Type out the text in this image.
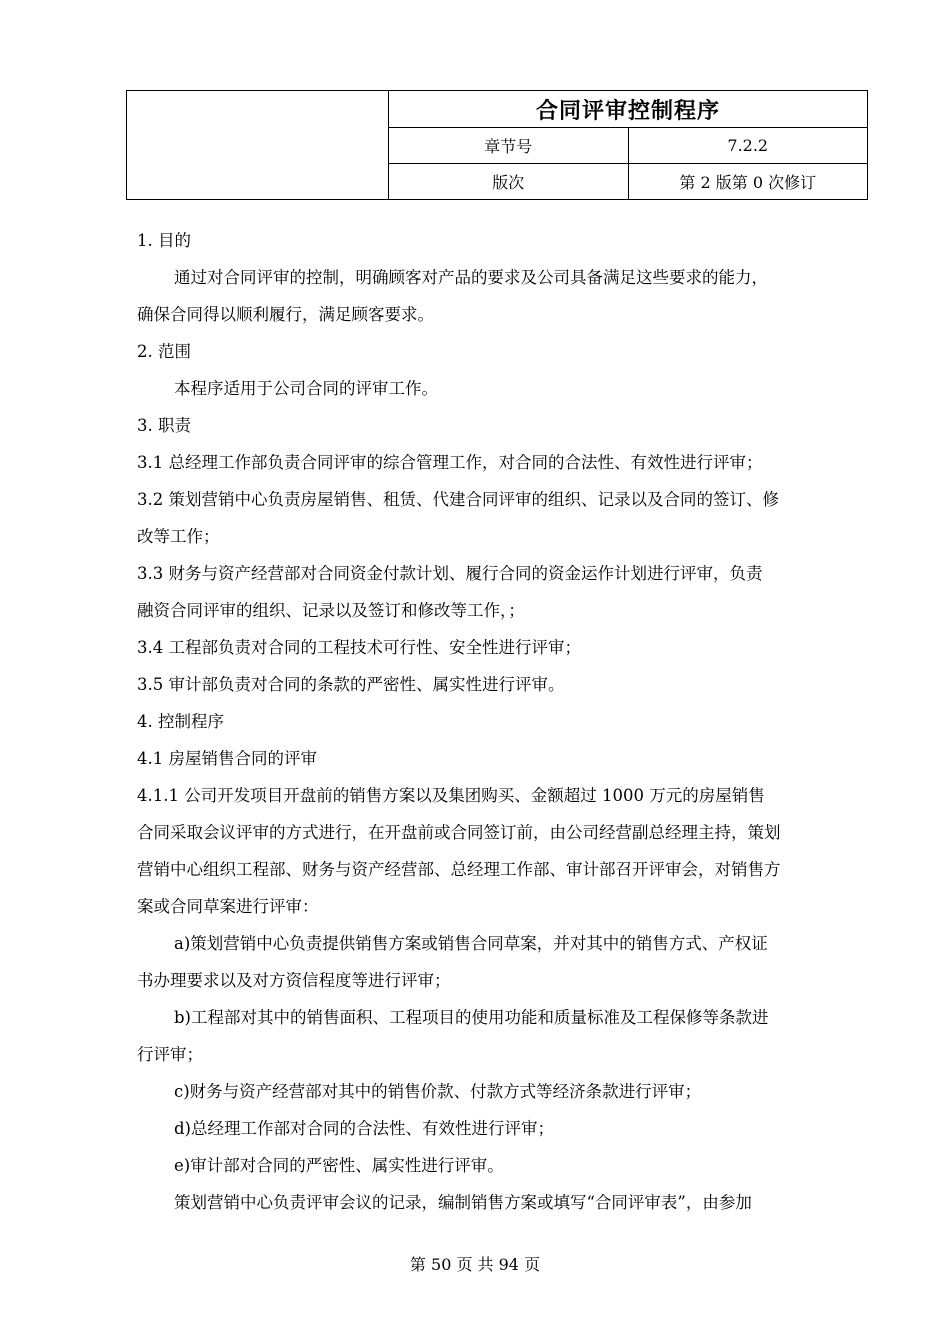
	合同评审控制程序	
	章节号	7.2.2
	版次	第 2 版第 0 次修订
1. 目的
通过对合同评审的控制，明确顾客对产品的要求及公司具备满足这些要求的能力，
确保合同得以顺利履行，满足顾客要求。
2. 范围
本程序适用于公司合同的评审工作。
3. 职责
3.1 总经理工作部负责合同评审的综合管理工作，对合同的合法性、有效性进行评审；
3.2 策划营销中心负责房屋销售、租赁、代建合同评审的组织、记录以及合同的签订、修
改等工作；
3.3 财务与资产经营部对合同资金付款计划、履行合同的资金运作计划进行评审，负责
融资合同评审的组织、记录以及签订和修改等工作，；
3.4 工程部负责对合同的工程技术可行性、安全性进行评审；
3.5 审计部负责对合同的条款的严密性、属实性进行评审。
4. 控制程序
4.1 房屋销售合同的评审
4.1.1 公司开发项目开盘前的销售方案以及集团购买、金额超过 1000 万元的房屋销售
合同采取会议评审的方式进行，在开盘前或合同签订前，由公司经营副总经理主持，策划
营销中心组织工程部、财务与资产经营部、总经理工作部、审计部召开评审会，对销售方
案或合同草案进行评审：
a)策划营销中心负责提供销售方案或销售合同草案，并对其中的销售方式、产权证
书办理要求以及对方资信程度等进行评审；
b)工程部对其中的销售面积、工程项目的使用功能和质量标准及工程保修等条款进
行评审；
c)财务与资产经营部对其中的销售价款、付款方式等经济条款进行评审；
d)总经理工作部对合同的合法性、有效性进行评审；
e)审计部对合同的严密性、属实性进行评审。
策划营销中心负责评审会议的记录，编制销售方案或填写“合同评审表”，由参加
第 50 页 共 94 页
